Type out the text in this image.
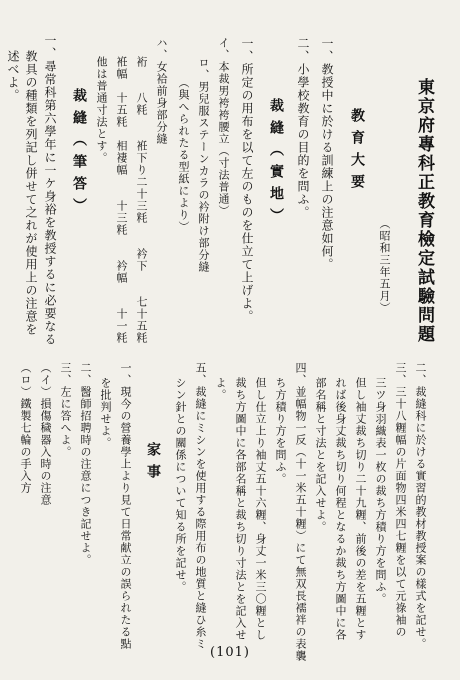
東京府專科正教育檢定試驗問題
（昭和三年五月）
教育大要
一、教授中に於ける訓練上の注意如何。
二、小學校教育の目的を問ふ。
裁縫（實地）
一、所定の用布を以て左のものを仕立て上げよ。
イ、本裁男袴袴腰立（寸法普通）
ロ、男兒服ステーンカラの衿附け部分縫
（與へられたる型紙により）
ハ、女袷前身部分縫
裄　　八粍　　袵下り二十三粍　　衿下　　七十五粍
袵幅　十五粍　相褄幅　　十三粍　　衿幅　　十一粍
他は普通寸法とす。
裁縫（筆答）
一、尋常科第六學年に一ケ身裕を教授するに必要なる
教具の種類を列記し併せて之れが使用上の注意を
述べよ。
二、裁縫科に於ける實習的教材教授案の樣式を記せ。
三、三十八糎幅の片面物四米四七糎を以て元祿袖の
三ツ身羽織表一枚の裁ち方積り方を問ふ。
但し袖丈裁ち切り二十九糎、前後の差を五糎とす
れば後身丈裁ち切り何程となるか裁ち方圖中に各
部名稱と寸法とを記入せよ。
四、並幅物一反（十一米五十糎）にて無双長襦袢の表襲
ち方積り方を問ふ。
但し仕立上り袖丈五十六糎、身丈一米三〇糎とし
裁ち方圖中に各部名稱と裁ち切り寸法とを記入せ
よ。
五、裁縫にミシンを使用する際用布の地質と縫ひ糸ミ
シン針との關係について知る所を記せ。
家事
一、現今の營養學上より見て日常献立の誤られたる點
を批判せよ。
二、醫師招聘時の注意につき記せよ。
三、左に答へよ。
（イ）損傷穢器入時の注意
（ロ）鐵製七輪の手入方
(101)
